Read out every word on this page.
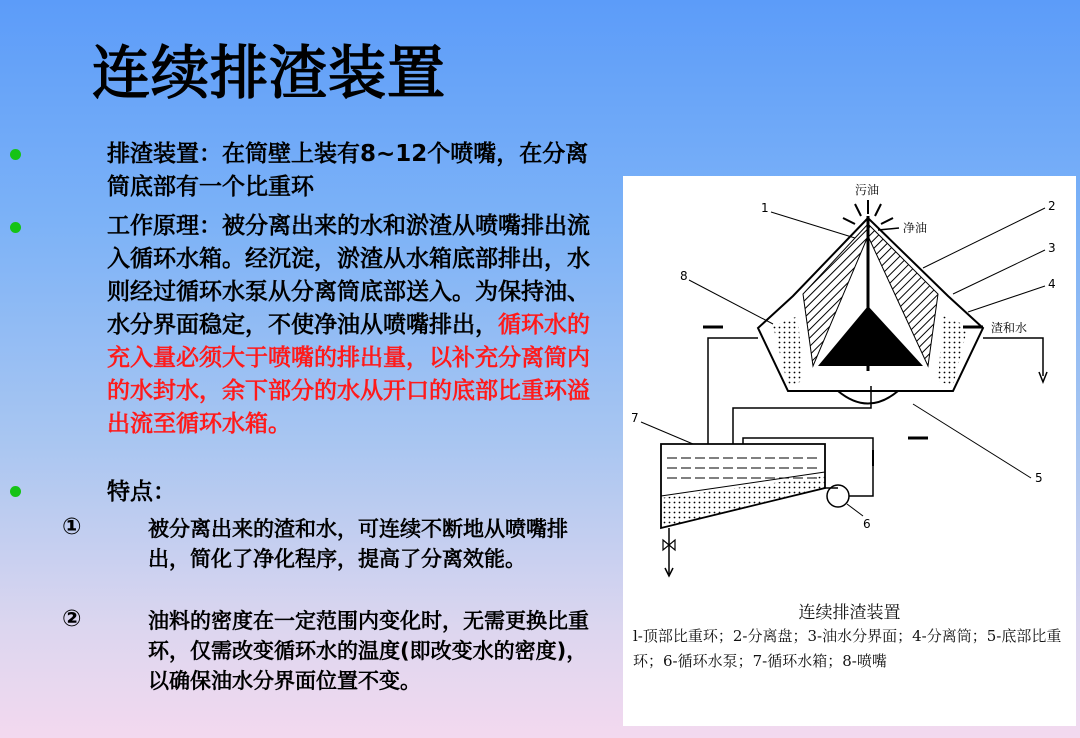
连续排渣装置
排渣装置：在筒壁上装有8~12个喷嘴，在分离筒底部有一个比重环
工作原理：被分离出来的水和淤渣从喷嘴排出流入循环水箱。经沉淀，淤渣从水箱底部排出，水则经过循环水泵从分离筒底部送入。为保持油、水分界面稳定，不使净油从喷嘴排出，循环水的充入量必须大于喷嘴的排出量，以补充分离筒内的水封水，余下部分的水从开口的底部比重环溢出流至循环水箱。
特点：
①	被分离出来的渣和水，可连续不断地从喷嘴排出，简化了净化程序，提高了分离效能。
②	油料的密度在一定范围内变化时，无需更换比重环，仅需改变循环水的温度(即改变水的密度)，以确保油水分界面位置不变。
污油
净油
1	2
3
4
8
7
5
6
渣和水
连续排渣装置
l-顶部比重环；2-分离盘；3-油水分界面；4-分离筒；5-底部比重环；6-循环水泵；7-循环水箱；8-喷嘴
